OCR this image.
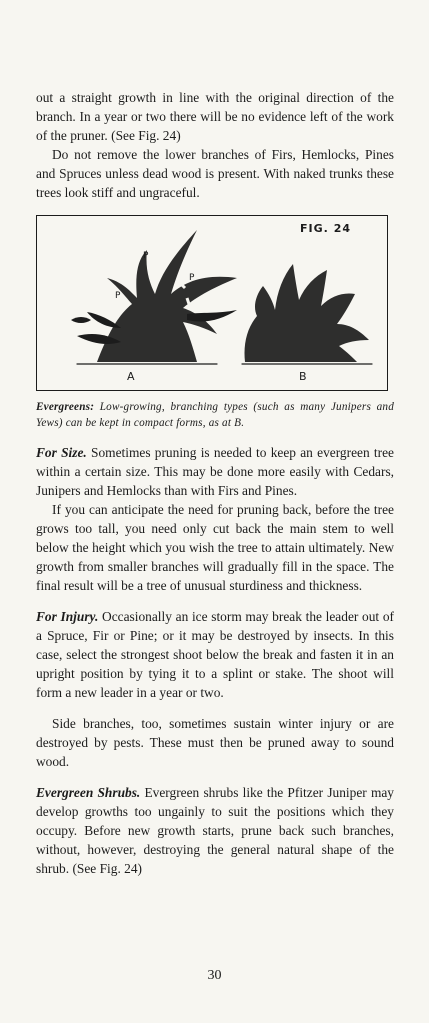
out a straight growth in line with the original direction of the branch. In a year or two there will be no evidence left of the work of the pruner. (See Fig. 24)

Do not remove the lower branches of Firs, Hemlocks, Pines and Spruces unless dead wood is present. With naked trunks these trees look stiff and ungraceful.

FIG. 24
P
P
P
A	B
Evergreens: Low-growing, branching types (such as many Junipers and Yews) can be kept in compact forms, as at B.

For Size. Sometimes pruning is needed to keep an evergreen tree within a certain size. This may be done more easily with Cedars, Junipers and Hemlocks than with Firs and Pines.

If you can anticipate the need for pruning back, before the tree grows too tall, you need only cut back the main stem to well below the height which you wish the tree to attain ultimately. New growth from smaller branches will gradually fill in the space. The final result will be a tree of unusual sturdiness and thickness.

For Injury. Occasionally an ice storm may break the leader out of a Spruce, Fir or Pine; or it may be destroyed by insects. In this case, select the strongest shoot below the break and fasten it in an upright position by tying it to a splint or stake. The shoot will form a new leader in a year or two.

Side branches, too, sometimes sustain winter injury or are destroyed by pests. These must then be pruned away to sound wood.

Evergreen Shrubs. Evergreen shrubs like the Pfitzer Juniper may develop growths too ungainly to suit the positions which they occupy. Before new growth starts, prune back such branches, without, however, destroying the general natural shape of the shrub. (See Fig. 24)

30
